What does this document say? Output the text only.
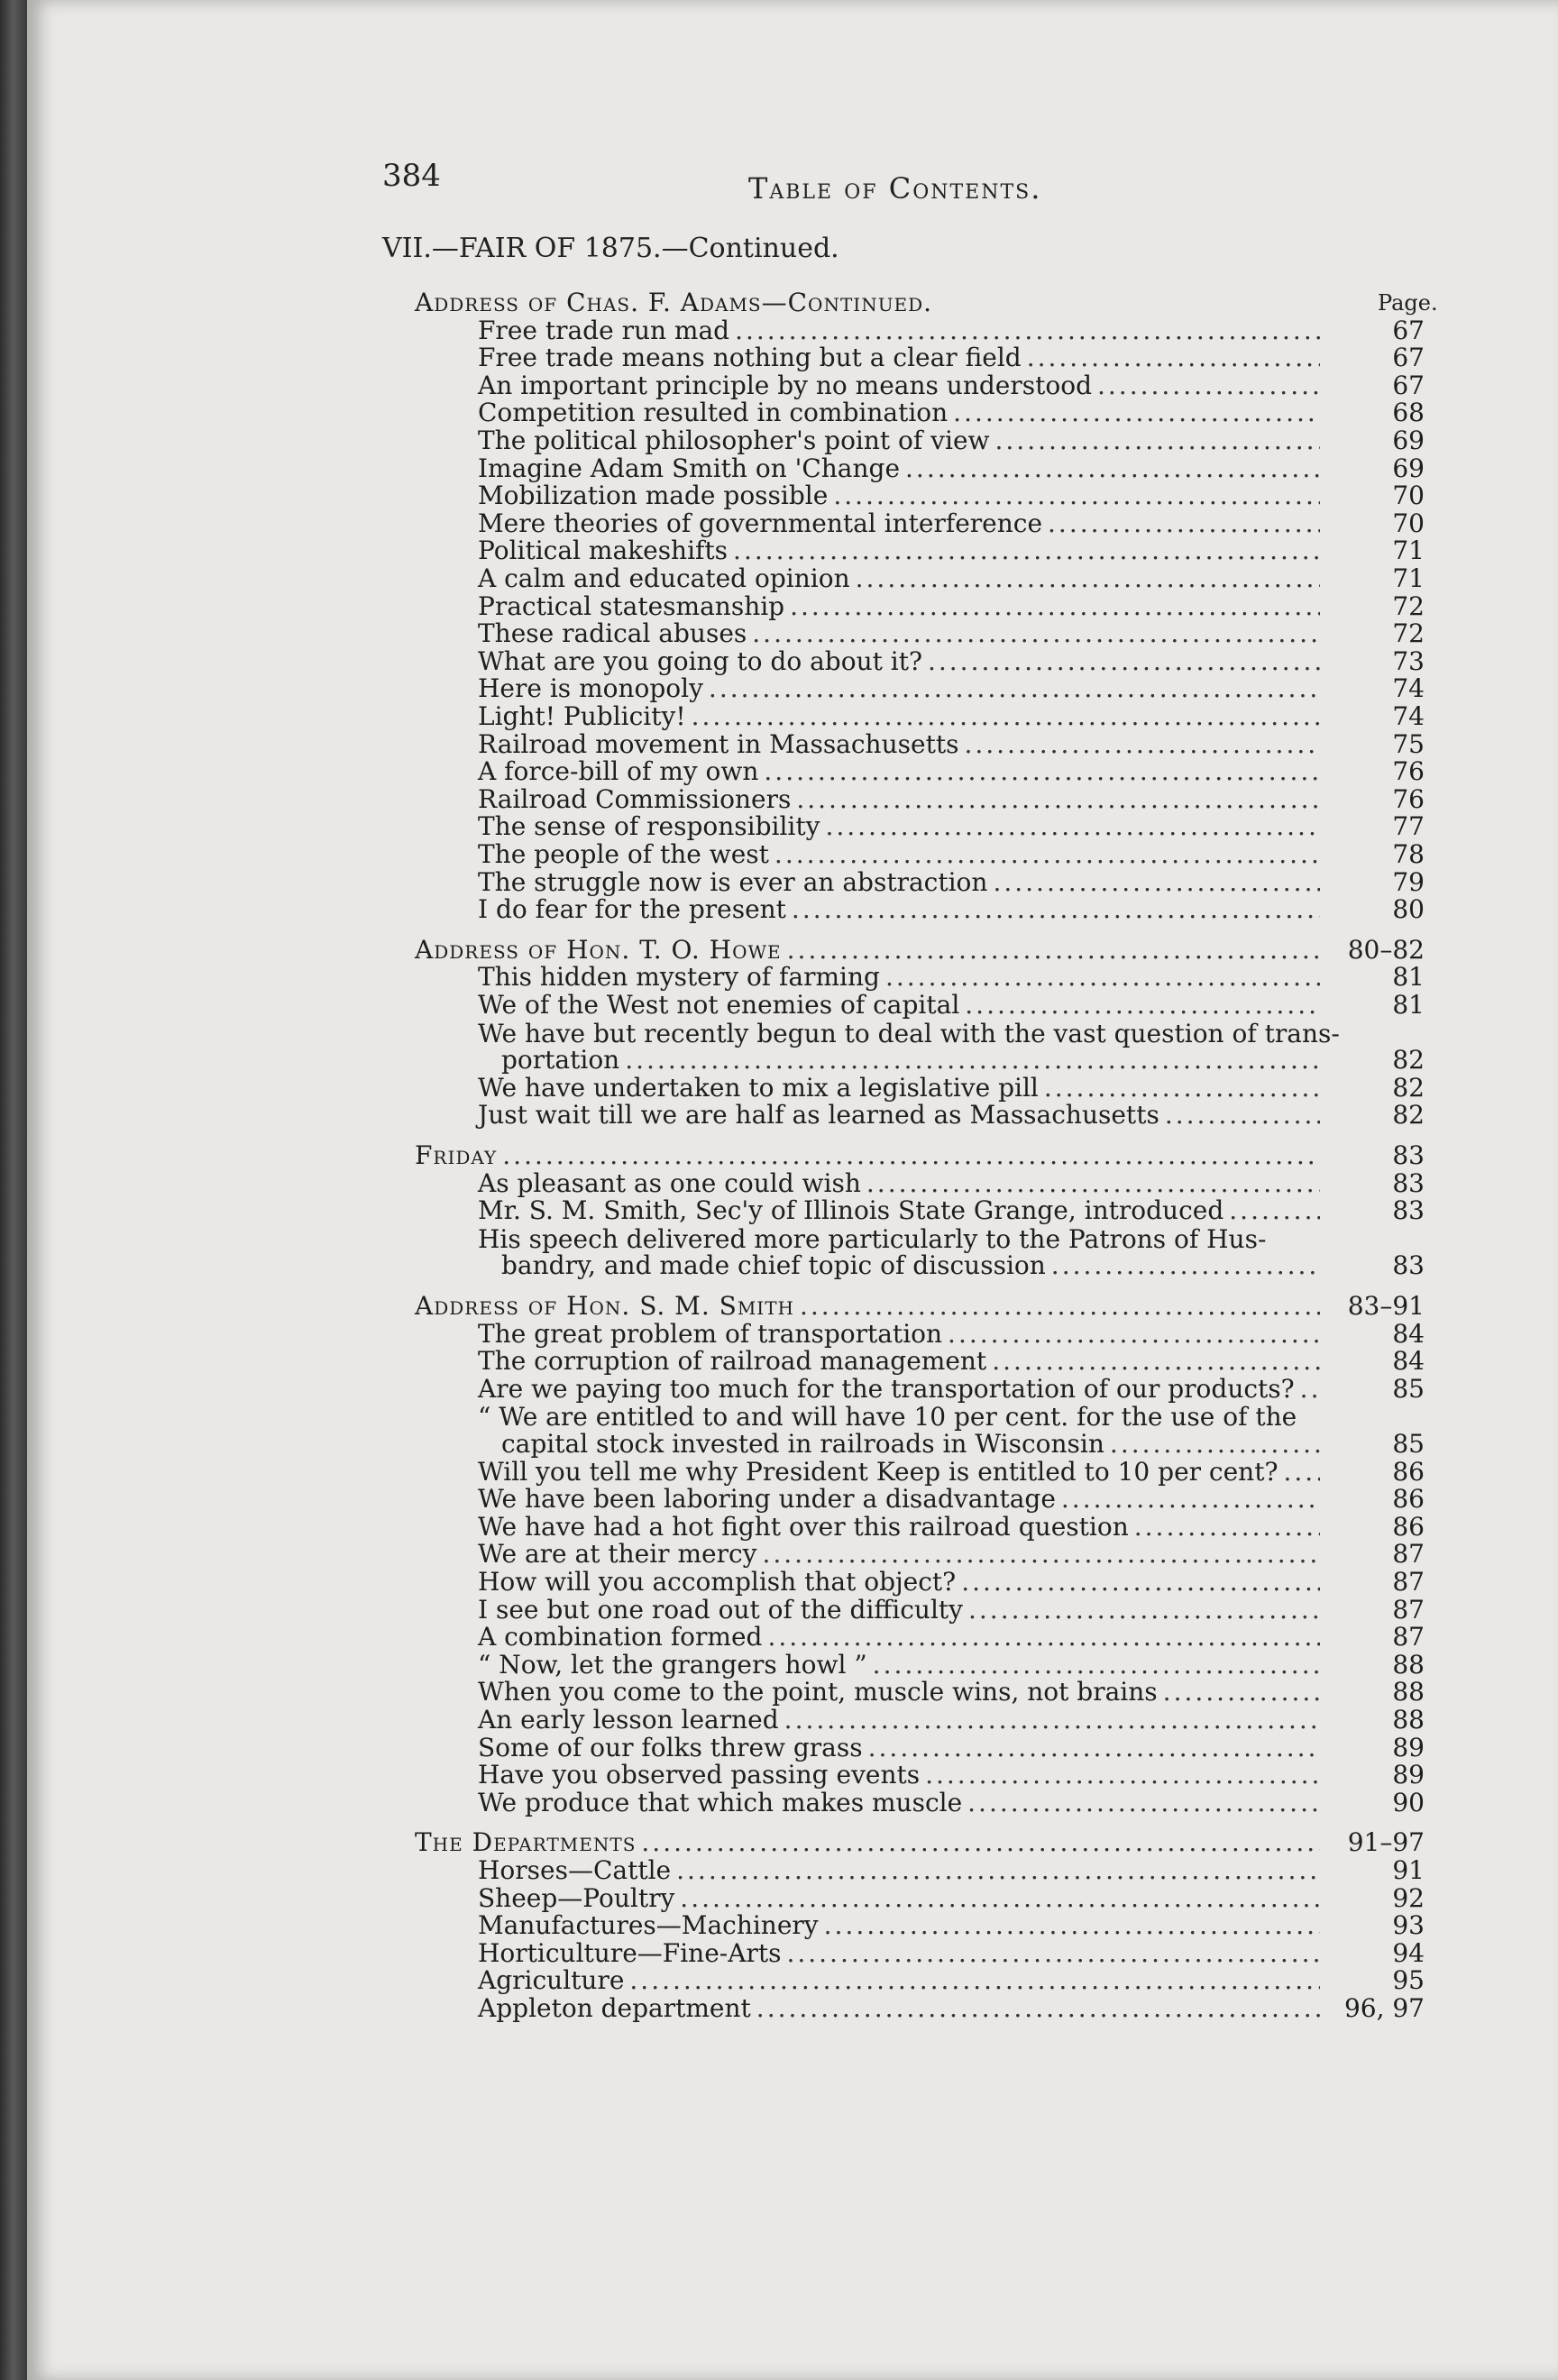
384	Table of Contents.
VII.—FAIR OF 1875.—Continued.
Page.
Address of Chas. F. Adams—Continued.
Free trade run mad .....	67
Free trade means nothing but a clear field .....	67
An important principle by no means understood .....	67
Competition resulted in combination .....	68
The political philosopher's point of view .....	69
Imagine Adam Smith on 'Change .....	69
Mobilization made possible .....	70
Mere theories of governmental interference .....	70
Political makeshifts .....	71
A calm and educated opinion .....	71
Practical statesmanship .....	72
These radical abuses .....	72
What are you going to do about it? .....	73
Here is monopoly .....	74
Light! Publicity! .....	74
Railroad movement in Massachusetts .....	75
A force-bill of my own .....	76
Railroad Commissioners .....	76
The sense of responsibility .....	77
The people of the west .....	78
The struggle now is ever an abstraction .....	79
I do fear for the present .....	80
Address of Hon. T. O. Howe .....	80–82
This hidden mystery of farming .....	81
We of the West not enemies of capital .....	81
We have but recently begun to deal with the vast question of trans-
portation .....	82
We have undertaken to mix a legislative pill .....	82
Just wait till we are half as learned as Massachusetts .....	82
Friday .....	83
As pleasant as one could wish .....	83
Mr. S. M. Smith, Sec'y of Illinois State Grange, introduced .....	83
His speech delivered more particularly to the Patrons of Hus-
bandry, and made chief topic of discussion .....	83
Address of Hon. S. M. Smith .....	83–91
The great problem of transportation .....	84
The corruption of railroad management .....	84
Are we paying too much for the transportation of our products? .....	85
“ We are entitled to and will have 10 per cent. for the use of the
capital stock invested in railroads in Wisconsin .....	85
Will you tell me why President Keep is entitled to 10 per cent? .....	86
We have been laboring under a disadvantage .....	86
We have had a hot fight over this railroad question .....	86
We are at their mercy .....	87
How will you accomplish that object? .....	87
I see but one road out of the difficulty .....	87
A combination formed .....	87
“ Now, let the grangers howl ” .....	88
When you come to the point, muscle wins, not brains .....	88
An early lesson learned .....	88
Some of our folks threw grass .....	89
Have you observed passing events .....	89
We produce that which makes muscle .....	90
The Departments .....	91–97
Horses—Cattle .....	91
Sheep—Poultry .....	92
Manufactures—Machinery .....	93
Horticulture—Fine-Arts .....	94
Agriculture .....	95
Appleton department .....	96, 97
